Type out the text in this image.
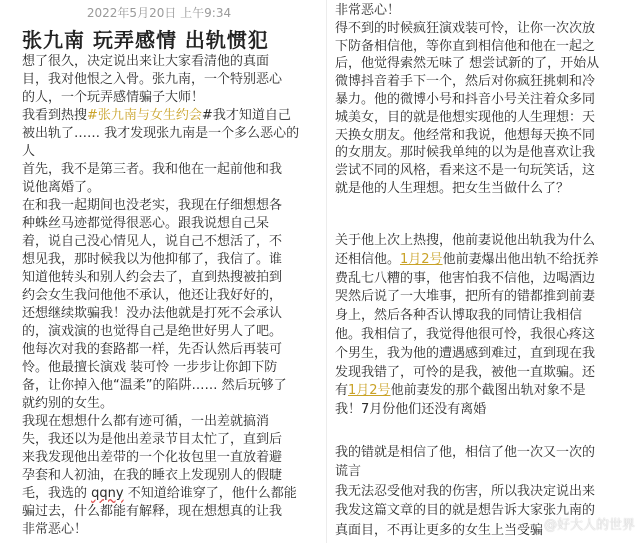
2022年5月20日 上午9:34
张九南 玩弄感情 出轨惯犯
想了很久，决定说出来让大家看清他的真面
目，我对他恨之入骨。张九南，一个特别恶心
的人，一个玩弄感情骗子大师！
我看到热搜#张九南与女生约会#我才知道自己
被出轨了…… 我才发现张九南是一个多么恶心的
人
首先，我不是第三者。我和他在一起前他和我
说他离婚了。
在和我一起期间也没老实，我现在仔细想想各
种蛛丝马迹都觉得很恶心。跟我说想自己呆
着，说自己没心情见人，说自己不想活了，不
想见我，那时候我以为他抑郁了，我信了。谁
知道他转头和别人约会去了，直到热搜被拍到
约会女生我问他他不承认，他还让我好好的，
还想继续欺骗我！没办法他就是打死不会承认
的，演戏演的也觉得自己是绝世好男人了吧。
他每次对我的套路都一样，先否认然后再装可
怜。他最擅长演戏 装可怜 一步步让你卸下防
备，让你掉入他“温柔”的陷阱…… 然后玩够了
就约别的女生。
我现在想想什么都有迹可循，一出差就搞消
失，我还以为是他出差录节目太忙了，直到后
来我发现他出差带的一个化妆包里一直放着避
孕套和人初油，在我的睡衣上发现别人的假睫
毛，我选的 qqny 不知道给谁穿了，他什么都能
骗过去，什么都能有解释，现在想想真的让我
非常恶心！
非常恶心！
得不到的时候疯狂演戏装可怜，让你一次次放
下防备相信他，等你直到相信他和他在一起之
后，他觉得索然无味了 想尝试新的了，开始从
微博抖音着手下一个，然后对你疯狂挑刺和冷
暴力。他的微博小号和抖音小号关注着众多同
城美女，目的就是他想实现他的人生理想：天
天换女朋友。他经常和我说，他想每天换不同
的女朋友。那时候我单纯的以为是他喜欢让我
尝试不同的风格，看来这不是一句玩笑话，这
就是他的人生理想。把女生当做什么了？
关于他上次上热搜，他前妻说他出轨我为什么
还相信他。1月2号他前妻爆出他出轨不给抚养
费乱七八糟的事，他害怕我不信他，边喝酒边
哭然后说了一大堆事，把所有的错都推到前妻
身上，然后各种否认博取我的同情让我相信
他。我相信了，我觉得他很可怜，我很心疼这
个男生，我为他的遭遇感到难过，直到现在我
发现我错了，可怜的是我，被他一直欺骗。还
有1月2号他前妻发的那个截图出轨对象不是
我！7月份他们还没有离婚
我的错就是相信了他，相信了他一次又一次的
谎言
我无法忍受他对我的伤害，所以我决定说出来
我发这篇文章的目的就是想告诉大家张九南的
真面目，不再让更多的女生上当受骗 @好大人的世界
